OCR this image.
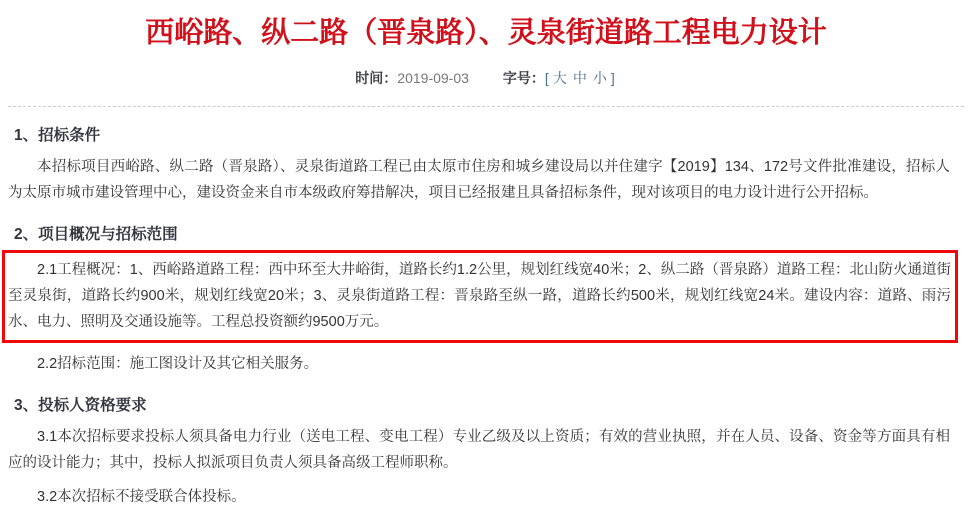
西峪路、纵二路（晋泉路）、灵泉街道路工程电力设计
时间：2019-09-03 字号：[ 大 中 小 ]
1、招标条件

本招标项目西峪路、纵二路（晋泉路）、灵泉街道路工程已由太原市住房和城乡建设局以并住建字【2019】134、172号文件批准建设，招标人为太原市城市建设管理中心，建设资金来自市本级政府筹措解决，项目已经报建且具备招标条件，现对该项目的电力设计进行公开招标。

2、项目概况与招标范围

2.1工程概况：1、西峪路道路工程：西中环至大井峪街，道路长约1.2公里，规划红线宽40米；2、纵二路（晋泉路）道路工程：北山防火通道街至灵泉街，道路长约900米，规划红线宽20米；3、灵泉街道路工程：晋泉路至纵一路，道路长约500米，规划红线宽24米。建设内容：道路、雨污水、电力、照明及交通设施等。工程总投资额约9500万元。

2.2招标范围：施工图设计及其它相关服务。

3、投标人资格要求

3.1本次招标要求投标人须具备电力行业（送电工程、变电工程）专业乙级及以上资质；有效的营业执照，并在人员、设备、资金等方面具有相应的设计能力；其中，投标人拟派项目负责人须具备高级工程师职称。

3.2本次招标不接受联合体投标。
